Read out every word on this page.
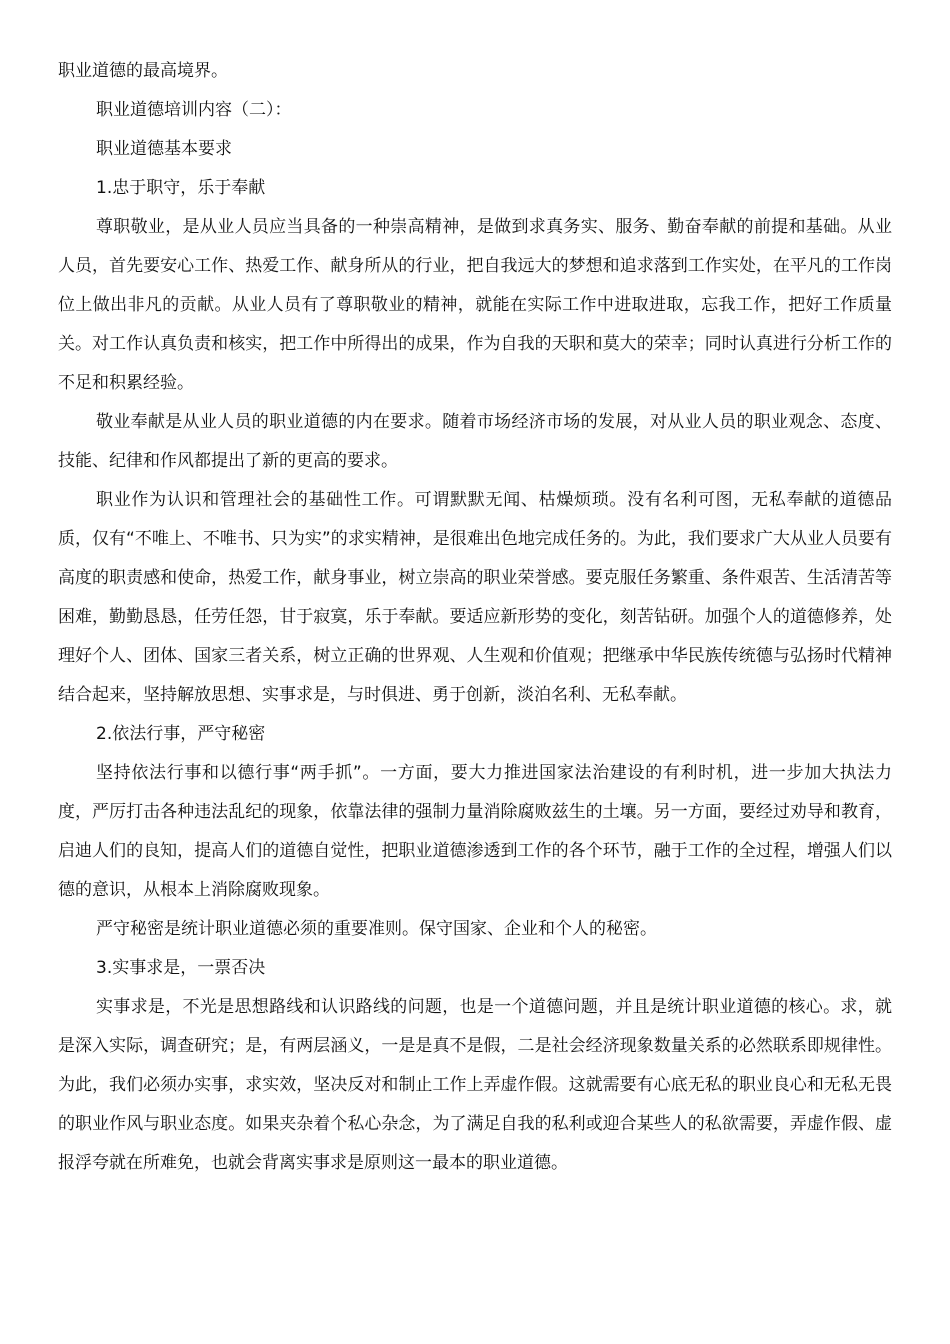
职业道德的最高境界。

职业道德培训内容（二）：

职业道德基本要求

1.忠于职守，乐于奉献

尊职敬业，是从业人员应当具备的一种崇高精神，是做到求真务实、服务、勤奋奉献的前提和基础。从业人员，首先要安心工作、热爱工作、献身所从的行业，把自我远大的梦想和追求落到工作实处，在平凡的工作岗位上做出非凡的贡献。从业人员有了尊职敬业的精神，就能在实际工作中进取进取，忘我工作，把好工作质量关。对工作认真负责和核实，把工作中所得出的成果，作为自我的天职和莫大的荣幸；同时认真进行分析工作的不足和积累经验。

敬业奉献是从业人员的职业道德的内在要求。随着市场经济市场的发展，对从业人员的职业观念、态度、技能、纪律和作风都提出了新的更高的要求。

职业作为认识和管理社会的基础性工作。可谓默默无闻、枯燥烦琐。没有名利可图，无私奉献的道德品质，仅有“不唯上、不唯书、只为实”的求实精神，是很难出色地完成任务的。为此，我们要求广大从业人员要有高度的职责感和使命，热爱工作，献身事业，树立崇高的职业荣誉感。要克服任务繁重、条件艰苦、生活清苦等困难，勤勤恳恳，任劳任怨，甘于寂寞，乐于奉献。要适应新形势的变化，刻苦钻研。加强个人的道德修养，处理好个人、团体、国家三者关系，树立正确的世界观、人生观和价值观；把继承中华民族传统德与弘扬时代精神结合起来，坚持解放思想、实事求是，与时俱进、勇于创新，淡泊名利、无私奉献。

2.依法行事，严守秘密

坚持依法行事和以德行事“两手抓”。一方面，要大力推进国家法治建设的有利时机，进一步加大执法力度，严厉打击各种违法乱纪的现象，依靠法律的强制力量消除腐败兹生的土壤。另一方面，要经过劝导和教育，启迪人们的良知，提高人们的道德自觉性，把职业道德渗透到工作的各个环节，融于工作的全过程，增强人们以德的意识，从根本上消除腐败现象。

严守秘密是统计职业道德必须的重要准则。保守国家、企业和个人的秘密。

3.实事求是，一票否决

实事求是，不光是思想路线和认识路线的问题，也是一个道德问题，并且是统计职业道德的核心。求，就是深入实际，调查研究；是，有两层涵义，一是是真不是假，二是社会经济现象数量关系的必然联系即规律性。为此，我们必须办实事，求实效，坚决反对和制止工作上弄虚作假。这就需要有心底无私的职业良心和无私无畏的职业作风与职业态度。如果夹杂着个私心杂念，为了满足自我的私利或迎合某些人的私欲需要，弄虚作假、虚报浮夸就在所难免，也就会背离实事求是原则这一最本的职业道德。
